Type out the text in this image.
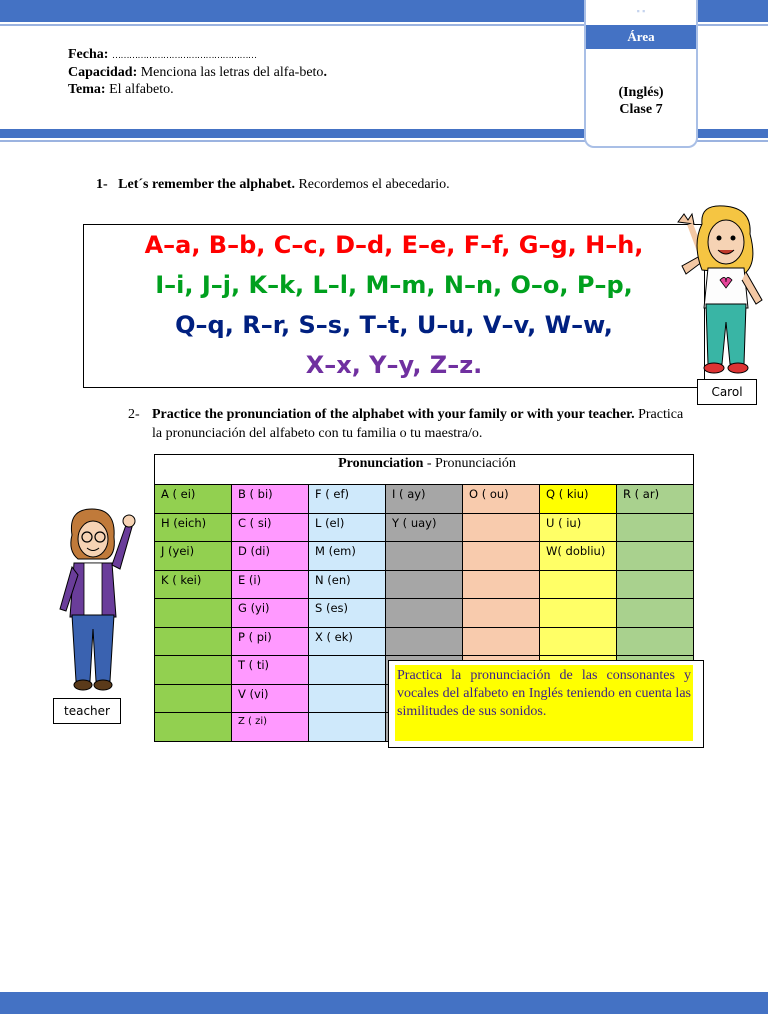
▪ ▪
Área
(Inglés)
Clase 7
Fecha: ……………………………………………
Capacidad: Menciona las letras del alfa-beto. Tema: El alfabeto.
1- Let´s remember the alphabet. Recordemos el abecedario.
A–a, B–b, C–c, D–d, E–e, F–f, G–g, H–h,
I–i, J–j, K–k, L–l, M–m, N–n, O–o, P–p,
Q–q, R–r, S–s, T–t, U–u, V–v, W–w,
X–x, Y–y, Z–z.
Carol
2- Practice the pronunciation of the alphabet with your family or with your teacher. Practica la pronunciación del alfabeto con tu familia o tu maestra/o.
teacher
Pronunciation - Pronunciación						
A ( ei)	B ( bi)	F ( ef)	I ( ay)	O ( ou)	Q ( kiu)	R ( ar)
H (eich)	C ( si)	L (el)	Y ( uay)		U ( iu)	
J (yei)	D (di)	M (em)			W( dobliu)	
K ( kei)	E (i)	N (en)				
	G (yi)	S (es)				
	P ( pi)	X ( ek)				
	T ( ti)					
	V (vi)					
	Z ( zi)					
Practica la pronunciación de las consonantes y vocales del alfabeto en Inglés teniendo en cuenta las similitudes de sus sonidos.
